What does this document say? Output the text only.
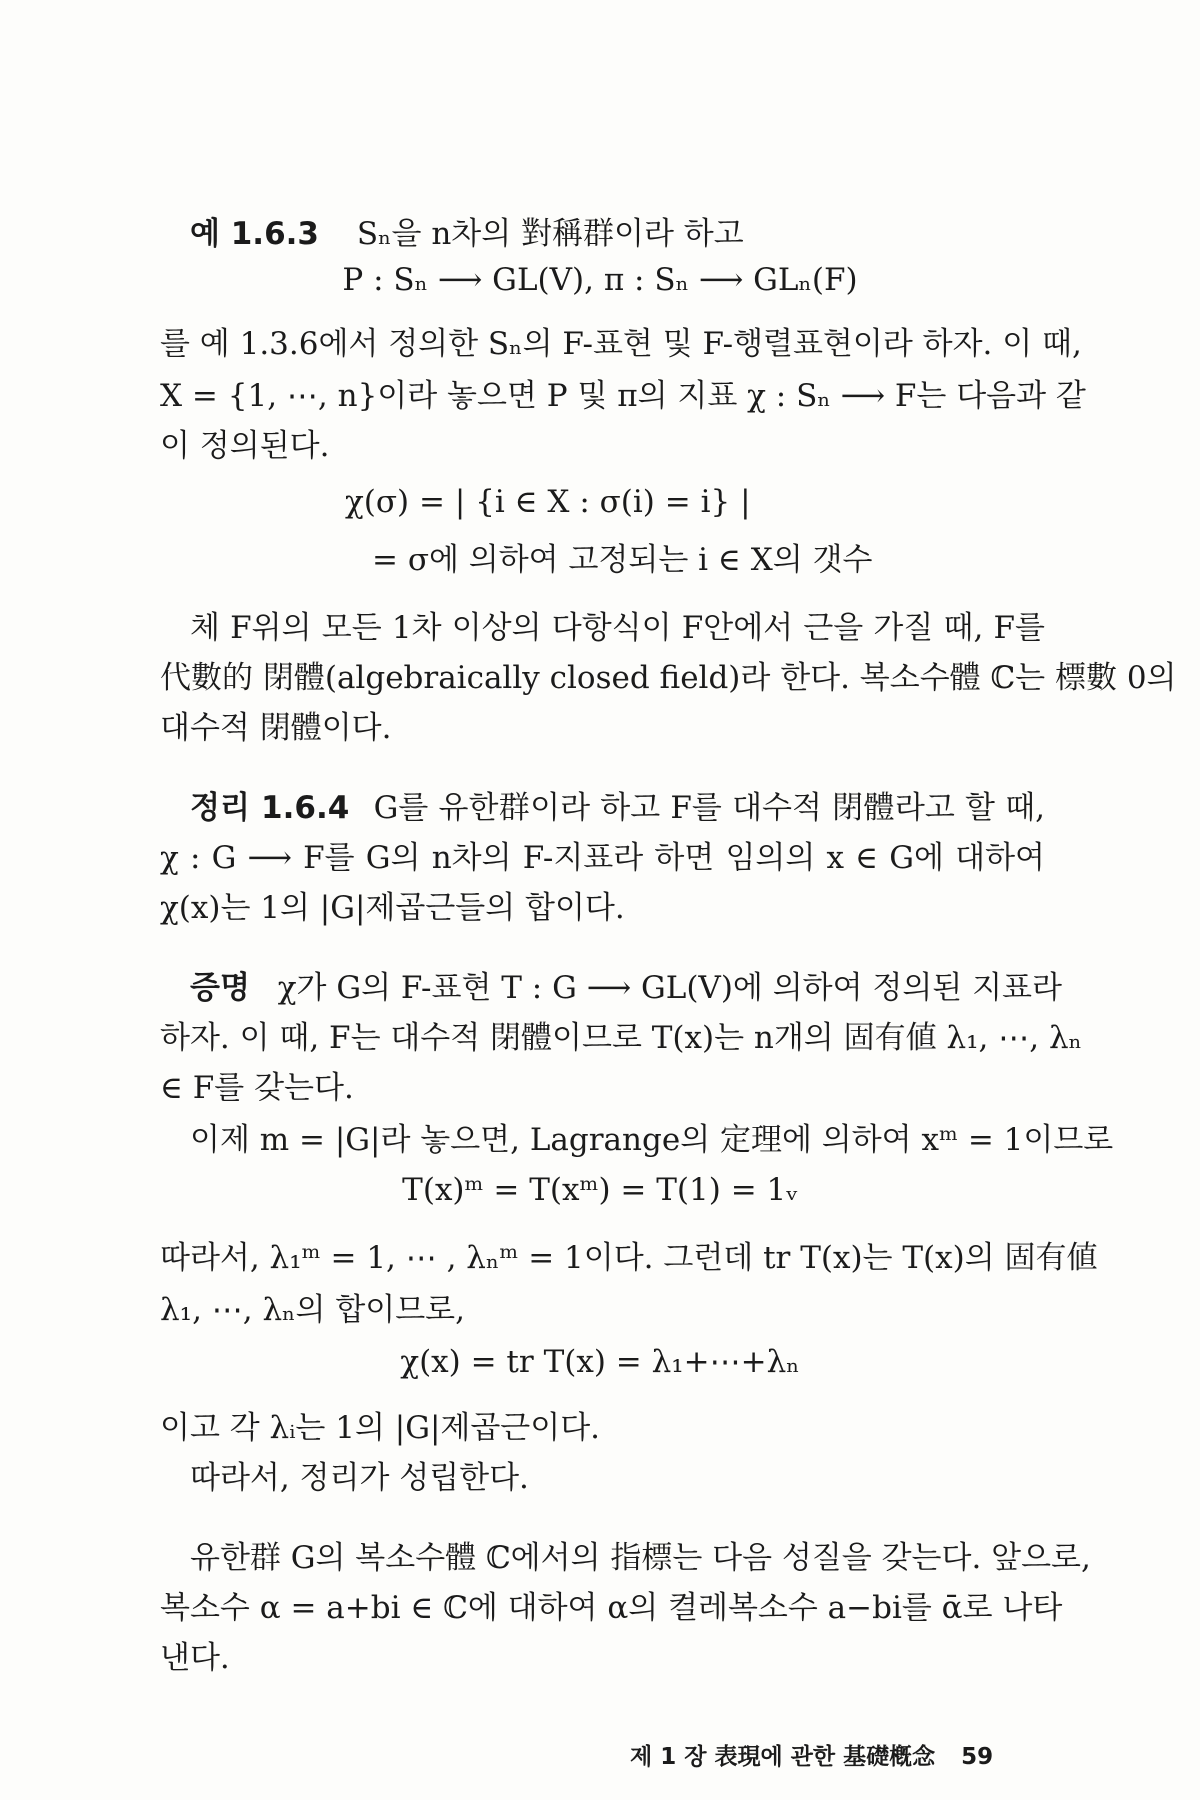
예 1.6.3 Sₙ을 n차의 對稱群이라 하고
P : Sₙ ⟶ GL(V), π : Sₙ ⟶ GLₙ(F)
를 예 1.3.6에서 정의한 Sₙ의 F-표현 및 F-행렬표현이라 하자. 이 때,
X = {1, ⋯, n}이라 놓으면 P 및 π의 지표 χ : Sₙ ⟶ F는 다음과 같
이 정의된다.
χ(σ) = | {i ∈ X : σ(i) = i} |
= σ에 의하여 고정되는 i ∈ X의 갯수
체 F위의 모든 1차 이상의 다항식이 F안에서 근을 가질 때, F를
代數的 閉體(algebraically closed field)라 한다. 복소수體 ℂ는 標數 0의
대수적 閉體이다.
정리 1.6.4 G를 유한群이라 하고 F를 대수적 閉體라고 할 때,
χ : G ⟶ F를 G의 n차의 F-지표라 하면 임의의 x ∈ G에 대하여
χ(x)는 1의 |G|제곱근들의 합이다.
증명 χ가 G의 F-표현 T : G ⟶ GL(V)에 의하여 정의된 지표라
하자. 이 때, F는 대수적 閉體이므로 T(x)는 n개의 固有値 λ₁, ⋯, λₙ
∈ F를 갖는다.
이제 m = |G|라 놓으면, Lagrange의 定理에 의하여 xᵐ = 1이므로
T(x)ᵐ = T(xᵐ) = T(1) = 1ᵥ
따라서, λ₁ᵐ = 1, ⋯ , λₙᵐ = 1이다. 그런데 tr T(x)는 T(x)의 固有値
λ₁, ⋯, λₙ의 합이므로,
χ(x) = tr T(x) = λ₁+⋯+λₙ
이고 각 λᵢ는 1의 |G|제곱근이다.
따라서, 정리가 성립한다.
유한群 G의 복소수體 ℂ에서의 指標는 다음 성질을 갖는다. 앞으로,
복소수 α = a+bi ∈ ℂ에 대하여 α의 켤레복소수 a−bi를 ᾱ로 나타
낸다.
제 1 장 表現에 관한 基礎槪念 59
